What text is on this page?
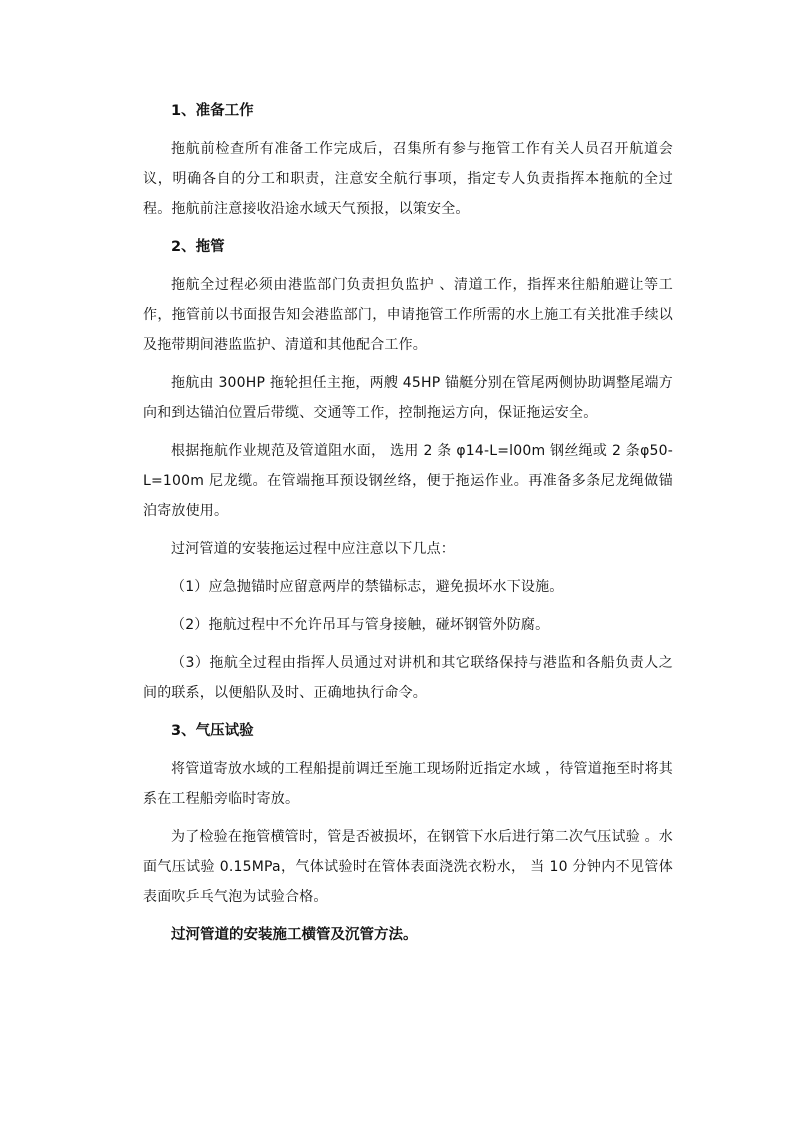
1、准备工作
拖航前检查所有准备工作完成后，召集所有参与拖管工作有关人员召开航道会议，明确各自的分工和职责，注意安全航行事项，指定专人负责指挥本拖航的全过程。拖航前注意接收沿途水域天气预报，以策安全。
2、拖管
拖航全过程必须由港监部门负责担负监护 、清道工作，指挥来往船舶避让等工作，拖管前以书面报告知会港监部门，申请拖管工作所需的水上施工有关批准手续以及拖带期间港监监护、清道和其他配合工作。
拖航由 300HP 拖轮担任主拖，两艘 45HP 锚艇分别在管尾两侧协助调整尾端方向和到达锚泊位置后带缆、交通等工作，控制拖运方向，保证拖运安全。
根据拖航作业规范及管道阻水面， 选用 2 条 φ14-L=l00m 钢丝绳或 2 条φ50-L=100m 尼龙缆。在管端拖耳预设钢丝络，便于拖运作业。再准备多条尼龙绳做锚泊寄放使用。
过河管道的安装拖运过程中应注意以下几点：
（1）应急抛锚时应留意两岸的禁锚标志，避免损坏水下设施。
（2）拖航过程中不允许吊耳与管身接触，碰坏钢管外防腐。
（3）拖航全过程由指挥人员通过对讲机和其它联络保持与港监和各船负责人之间的联系，以便船队及时、正确地执行命令。
3、气压试验
将管道寄放水域的工程船提前调迁至施工现场附近指定水域 ，待管道拖至时将其系在工程船旁临时寄放。
为了检验在拖管横管时，管是否被损坏，在钢管下水后进行第二次气压试验 。水面气压试验 0.15MPa，气体试验时在管体表面浇洗衣粉水， 当 10 分钟内不见管体表面吹乒乓气泡为试验合格。
过河管道的安装施工横管及沉管方法。
